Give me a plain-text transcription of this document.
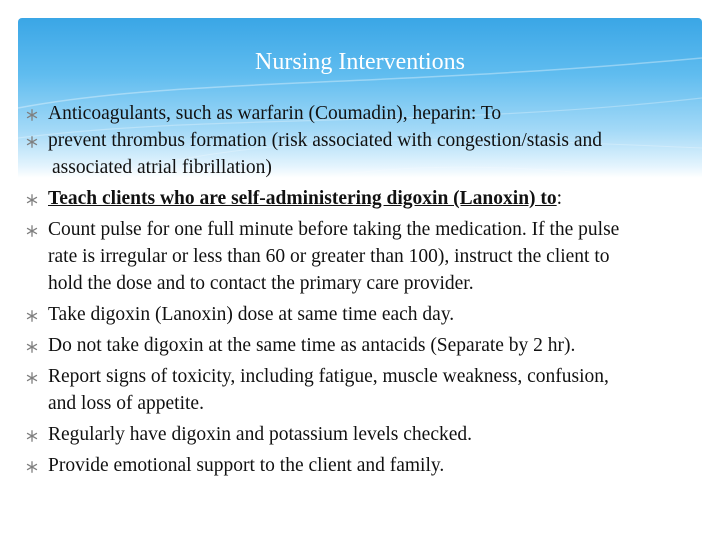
Nursing Interventions
Anticoagulants, such as warfarin (Coumadin), heparin: To
prevent thrombus formation (risk associated with congestion/stasis and
associated atrial fibrillation)
Teach clients who are self-administering digoxin (Lanoxin) to:
Count pulse for one full minute before taking the medication. If the pulse
rate is irregular or less than 60 or greater than 100), instruct the client to
hold the dose and to contact the primary care provider.
Take digoxin (Lanoxin) dose at same time each day.
Do not take digoxin at the same time as antacids (Separate by 2 hr).
Report signs of toxicity, including fatigue, muscle weakness, confusion,
and loss of appetite.
Regularly have digoxin and potassium levels checked.
Provide emotional support to the client and family.
